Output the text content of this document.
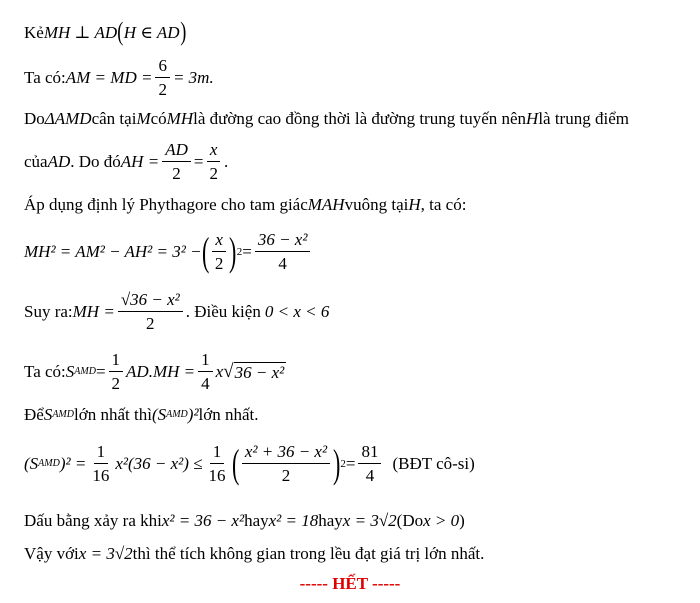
Kẻ MH ⊥ AD ( H ∈ AD )
Ta có: AM = MD = $\frac{6}{2} = 3m$.
Do ΔAMD cân tại M có MH là đường cao đồng thời là đường trung tuyến nên H là trung điểm
của AD . Do đó AH = $\frac{AD}{2} = \frac{x}{2}$ .
Áp dụng định lý Phythagore cho tam giác MAH vuông tại H , ta có:
MH² = AM² − AH² = 3² − ( $\frac{x}{2}$ ) $2 = \frac{\text{36 − x²}}{4}$
Suy ra: MH = $\frac{\text{√36 − x²}}{2}$ . Điều kiện 0 < x < 6
Ta có: S AMD = $\frac{1}{2} AD.MH = \frac{1}{4}$ x √ 36 − x²
Để S AMD lớn nhất thì (S AMD )² lớn nhất.
(S AMD )$^2 = \frac{1}{16} x^2(36 - x^2) \le \frac{1}{16}$ ( $\frac{\text{x² + 36 − x²}}{2}$ ) $2 = \frac{81}{4}$ (BĐT cô-si)
Dấu bằng xảy ra khi x² = 36 − x² hay x² = 18 hay x = 3√2 (Do x > 0 )
Vậy với x = 3√2 thì thể tích không gian trong lều đạt giá trị lớn nhất.
----- HẾT -----
